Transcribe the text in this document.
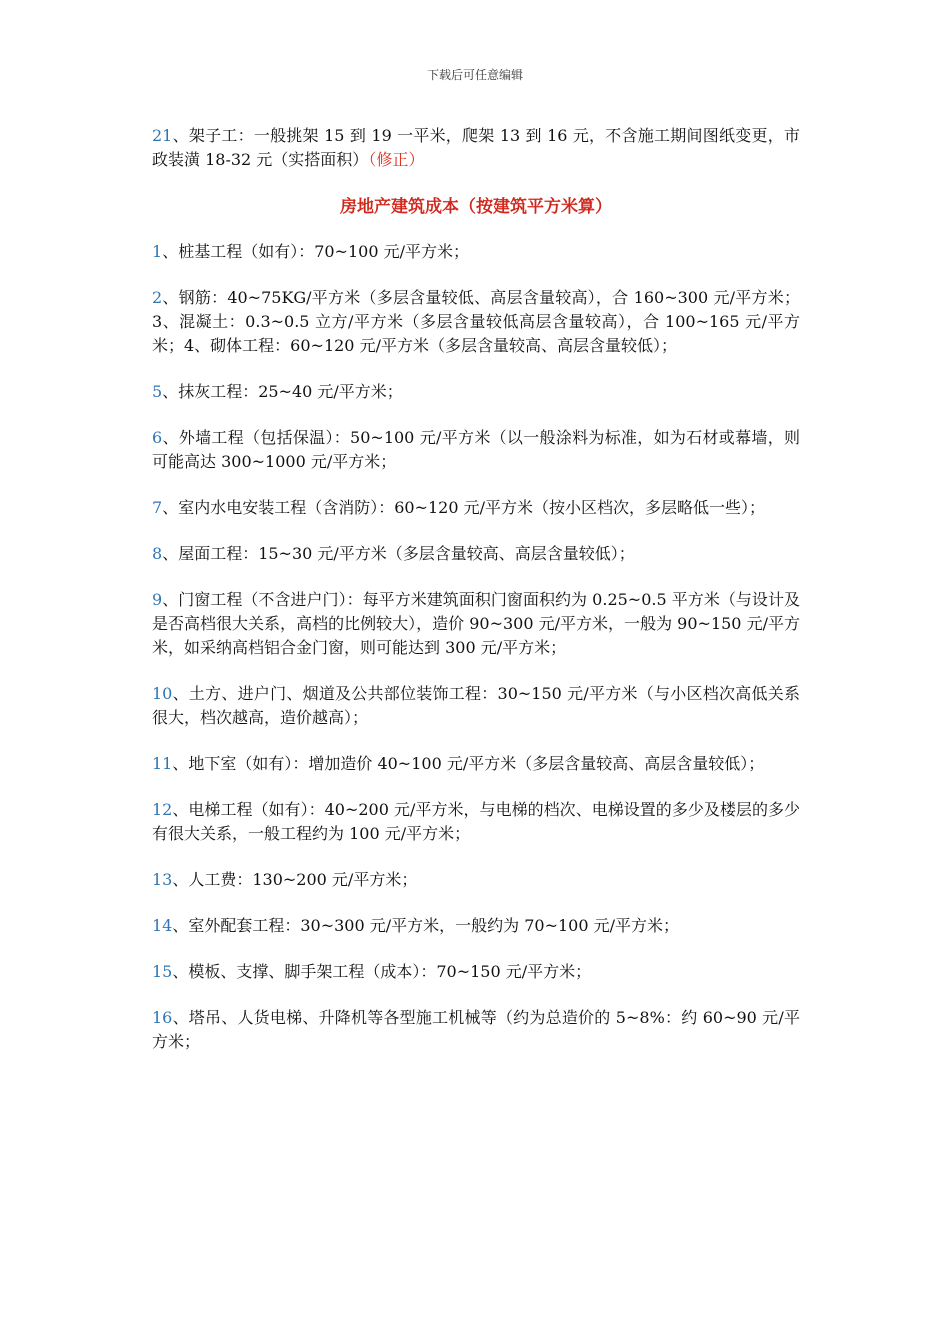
下载后可任意编辑

21、架子工：一般挑架 15 到 19 一平米，爬架 13 到 16 元，不含施工期间图纸变更，市政装潢 18-32 元（实搭面积）（修正）

房地产建筑成本（按建筑平方米算）

1、桩基工程（如有）：70~100 元/平方米；

2、钢筋：40~75KG/平方米（多层含量较低、高层含量较高），合 160~300 元/平方米；3、混凝土：0.3~0.5 立方/平方米（多层含量较低高层含量较高），合 100~165 元/平方米；4、砌体工程：60~120 元/平方米（多层含量较高、高层含量较低）；

5、抹灰工程：25~40 元/平方米；

6、外墙工程（包括保温）：50~100 元/平方米（以一般涂料为标准，如为石材或幕墙，则可能高达 300~1000 元/平方米；

7、室内水电安装工程（含消防）：60~120 元/平方米（按小区档次，多层略低一些）；

8、屋面工程：15~30 元/平方米（多层含量较高、高层含量较低）；

9、门窗工程（不含进户门）：每平方米建筑面积门窗面积约为 0.25~0.5 平方米（与设计及是否高档很大关系，高档的比例较大），造价 90~300 元/平方米，一般为 90~150 元/平方米，如采纳高档铝合金门窗，则可能达到 300 元/平方米；

10、土方、进户门、烟道及公共部位装饰工程：30~150 元/平方米（与小区档次高低关系很大，档次越高，造价越高）；

11、地下室（如有）：增加造价 40~100 元/平方米（多层含量较高、高层含量较低）；

12、电梯工程（如有）：40~200 元/平方米，与电梯的档次、电梯设置的多少及楼层的多少有很大关系，一般工程约为 100 元/平方米；

13、人工费：130~200 元/平方米；

14、室外配套工程：30~300 元/平方米，一般约为 70~100 元/平方米；

15、模板、支撑、脚手架工程（成本）：70~150 元/平方米；

16、塔吊、人货电梯、升降机等各型施工机械等（约为总造价的 5~8%：约 60~90 元/平方米；
